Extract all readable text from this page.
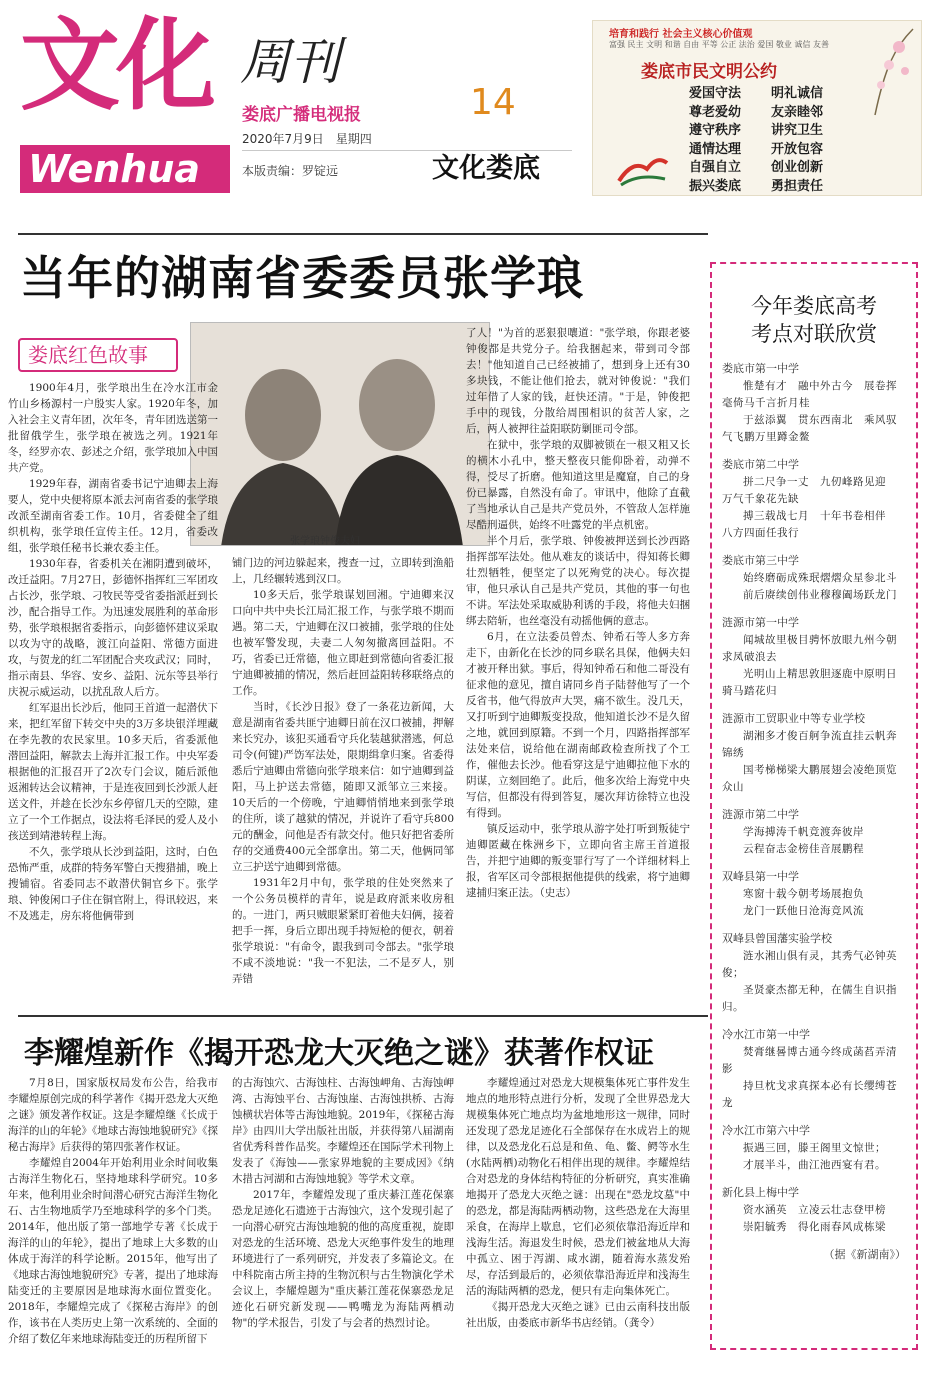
文化
Wenhua
周刊
娄底广播电视报
2020年7月9日　星期四
本版责编：罗锭远
14
文化娄底
培育和践行 社会主义核心价值观
富强 民主 文明 和谐 自由 平等 公正 法治 爱国 敬业 诚信 友善
娄底市民文明公约
爱国守法 明礼诚信
尊老爱幼 友亲睦邻
遵守秩序 讲究卫生
通情达理 开放包容
自强自立 创业创新
振兴娄底 勇担责任
当年的湖南省委委员张学琅
娄底红色故事
张学琅钟俊夫妇

1900年4月，张学琅出生在冷水江市金竹山乡杨源村一户殷实人家。1920年冬，加入社会主义青年团，次年冬，青年团选送第一批留俄学生，张学琅在被选之列。1921年冬，经罗亦农、彭述之介绍，张学琅加入中国共产党。

1929年春，湖南省委书记宁迪卿去上海要人，党中央便将原本派去河南省委的张学琅改派至湖南省委工作。10月，省委健全了组织机构，张学琅任宣传主任。12月，省委改组，张学琅任秘书长兼农委主任。

1930年春，省委机关在湘阴遭到破坏，改迁益阳。7月27日，彭德怀指挥红三军团攻占长沙，张学琅、刁牧民等受省委指派赶到长沙，配合指导工作。为迅速发展胜利的革命形势，张学琅根据省委指示，向彭德怀建议采取以攻为守的战略，渡江向益阳、常德方面进攻，与贺龙的红二军团配合夹攻武汉；同时，指示南县、华容、安乡、益阳、沅东等县举行庆祝示威运动，以扰乱敌人后方。

红军退出长沙后，他同王首道一起潜伏下来，把红军留下转交中央的3万多块银洋埋藏在李先教的农民家里。10多天后，省委派他潜回益阳，解款去上海并汇报工作。中央军委根据他的汇报召开了2次专门会议，随后派他返湘转达会议精神，于是连夜回到长沙派人赶送文件，并趁在长沙东乡停留几天的空隙，建立了一个工作据点，设法将毛泽民的爱人及小孩送到靖港转程上海。

不久，张学琅从长沙到益阳，这时，白色恐怖严重，成群的特务军警白天搜猎捕，晚上搜铺宿。省委同志不敢潜伏铜官乡下。张学琅、钟俊闲口子住在铜官附上，得讯较迟，来不及逃走，房东将他俩带到

铺门边的河边躲起来，搜查一过，立即转到渔船上，几经辗转逃到汉口。

10多天后，张学琅谋划回湘。宁迪卿来汉口向中共中央长江局汇报工作，与张学琅不期而遇。第二天，宁迪卿在汉口被捕，张学琅的住处也被军警发现，夫妻二人匆匆撤离回益阳。不巧，省委已迁常德，他立即赶到常德向省委汇报宁迪卿被捕的情况，然后赶回益阳转移联络点的工作。

当时，《长沙日报》登了一条花边新闻，大意是湖南省委共匪宁迪卿日前在汉口被捕，押解来长究办，该犯买通看守兵化装越狱潜逃，何总司令(何键)严饬军法处，限期缉拿归案。省委得悉后宁迪卿由常德向张学琅来信：如宁迪卿到益阳，马上护送去常德，随即又派邹立三来接。10天后的一个傍晚，宁迪卿悄悄地来到张学琅的住所，谈了越狱的情况，并说许了看守兵800元的酬金，问他是否有款交付。他只好把省委所存的交通费400元全部拿出。第二天，他俩同邹立三护送宁迪卿到常德。

1931年2月中旬，张学琅的住处突然来了一个公务员模样的青年，说是政府派来收房租的。一进门，两只贼眼紧紧盯着他夫妇俩，接着把手一挥，身后立即出现手持短枪的便衣，朝着张学琅说："有命令，跟我到司令部去。"张学琅不咸不淡地说："我一不犯法，二不是歹人，别弄错

了人！"为首的恶狠狠嚷道："张学琅，你跟老婆钟俊都是共党分子。给我捆起来，带到司令部去！"他知道自己已经被捕了，想到身上还有30多块钱，不能让他们抢去，就对钟俊说："我们过年借了人家的钱，赶快还清。"于是，钟俊把手中的现钱，分散给周围相识的贫苦人家，之后，两人被押往益阳联防剿匪司令部。

在狱中，张学琅的双脚被锁在一根又粗又长的横木小孔中，整天整夜只能仰卧着，动弹不得，受尽了折磨。他知道这里是魔窟，自己的身份已暴露，自然没有命了。审讯中，他除了直截了当地承认自己是共产党员外，不管敌人怎样施尽酷刑逼供，始终不吐露党的半点机密。

半个月后，张学琅、钟俊被押送到长沙西路指挥部军法处。他从难友的谈话中，得知蒋长卿壮烈牺牲，便坚定了以死殉党的决心。每次提审，他只承认自己是共产党员，其他的事一句也不讲。军法处采取威胁利诱的手段，将他夫妇捆绑去陪斩，也丝毫没有动摇他俩的意志。

6月，在立法委员曾杰、钟希石等人多方奔走下，由新化在长沙的同乡联名具保，他俩夫妇才被开释出狱。事后，得知钟希石和他二哥没有征求他的意见，擅自请同乡肖子陆替他写了一个反省书，他气得放声大哭，痛不欲生。没几天，又打听到宁迪卿叛变投敌，他知道长沙不是久留之地，就回到原籍。不到一个月，四路指挥部军法处来信，说给他在湖南邮政检查所找了个工作，催他去长沙。他看穿这是宁迪卿拉他下水的阴谋，立刻回绝了。此后，他多次给上海党中央写信，但都没有得到答复，屡次拜访徐特立也没有得到。

镇反运动中，张学琅从游字处打听到叛徒宁迪卿匿藏在株洲乡下，立即向省主席王首道报告，并把宁迪卿的叛变罪行写了一个详细材料上报，省军区司令部根据他提供的线索，将宁迪卿逮捕归案正法。（史志）

李耀煌新作《揭开恐龙大灭绝之谜》获著作权证

7月8日，国家版权局发布公告，给我市李耀煌原创完成的科学著作《揭开恐龙大灭绝之谜》颁发著作权证。这是李耀煌继《长成于海洋的山的年轮》《地球古海蚀地貌研究》《探秘古海岸》后获得的第四张著作权证。

李耀煌自2004年开始利用业余时间收集古海洋生物化石，坚持地球科学研究。10多年来，他利用业余时间潜心研究古海洋生物化石、古生物地质学乃至地球科学的多个门类。2014年，他出版了第一部地学专著《长成于海洋的山的年轮》，提出了地球上大多数的山体成于海洋的科学论断。2015年，他写出了《地球古海蚀地貌研究》专著，提出了地球海陆变迁的主要原因是地球海水面位置变化。2018年，李耀煌完成了《探秘古海岸》的创作，该书在人类历史上第一次系统的、全面的介绍了数亿年来地球海陆变迁的历程所留下

的古海蚀穴、古海蚀柱、古海蚀岬角、古海蚀岬湾、古海蚀平台、古海蚀崖、古海蚀拱桥、古海蚀横状岩体等古海蚀地貌。2019年，《探秘古海岸》由四川大学出版社出版，并获得第八届湖南省优秀科普作品奖。李耀煌还在国际学术刊物上发表了《海蚀——张家界地貌的主要成因》《纳木措古河湖和古海蚀地貌》等学术文章。

2017年，李耀煌发现了重庆綦江莲花保寨恐龙足迹化石遗迹于古海蚀穴，这个发现引起了一向潜心研究古海蚀地貌的他的高度重视，旋即对恐龙的生活环境、恐龙大灭绝事件发生的地理环境进行了一系列研究，并发表了多篇论文。在中科院南古所主持的生物沉积与古生物演化学术会议上，李耀煌题为"重庆綦江莲花保寨恐龙足迹化石研究新发现——鸭嘴龙为海陆两栖动物"的学术报告，引发了与会者的热烈讨论。

李耀煌通过对恐龙大规模集体死亡事件发生地点的地形特点进行分析，发现了全世界恐龙大规模集体死亡地点均为盆地地形这一规律，同时还发现了恐龙足迹化石全部保存在水成岩上的规律，以及恐龙化石总是和鱼、龟、鳖、鳄等水生(水陆两栖)动物化石相伴出现的规律。李耀煌结合对恐龙的身体结构特征的分析研究，真实准确地揭开了恐龙大灭绝之谜：出现在"恐龙坟墓"中的恐龙，都是海陆两栖动物，这些恐龙在大海里采食，在海岸上歇息，它们必须依靠沿海近岸和浅海生活。海退发生时候，恐龙们被盆地从大海中孤立、困于泻湖、咸水湖，随着海水蒸发殆尽，存活到最后的，必须依靠沿海近岸和浅海生活的海陆两栖的恐龙，便只有走向集体死亡。

《揭开恐龙大灭绝之谜》已由云南科技出版社出版，由娄底市新华书店经销。（龚令）

今年娄底高考
考点对联欣赏
娄底市第一中学
惟楚有才　融中外古今　展卷挥毫倚马千言折月桂
于兹添翼　贯东西南北　乘风驭气飞鹏万里蹲金鳌
娄底市第二中学
拼二尺争一丈　九仞峰路见迎　万气千象花先缺
搏三载战七月　十年书卷相伴　八方四面任我行
娄底市第三中学
始终磨砺成殊珉熠熠众星参北斗
前后赓续创伟业穆穆阖场跃龙门
涟源市第一中学
闻城故里极目骋怀放眼九州今朝求凤破浪去
光明山上精思敦胆逐鹿中原明日骑马踏花归
涟源市工贸职业中等专业学校
湖湘多才俊百舸争流直挂云帆奔锦绣
国考梯梯梁大鹏展翅会凌绝顶览众山
涟源市第二中学
学海搏涛千帆竞渡奔彼岸
云程奋志金榜佳音展鹏程
双峰县第一中学
寒窗十载今朝考场展抱负
龙门一跃他日沧海竞风流
双峰县曾国藩实验学校
涟水湘山俱有灵，其秀气必钟英俊；
圣贤豪杰都无种，在儒生自识指归。
冷水江市第一中学
焚膏继晷博古通今终成菡萏弄清影
持旦枕戈求真探本必有长缨缚苍龙
冷水江市第六中学
振遇三回，滕王阁里文惊世；
才展半斗，曲江池西宴有君。
新化县上梅中学
资水涵英　立凌云壮志登甲榜
崇阳毓秀　得化雨春风成栋梁
（据《新湖南》）
